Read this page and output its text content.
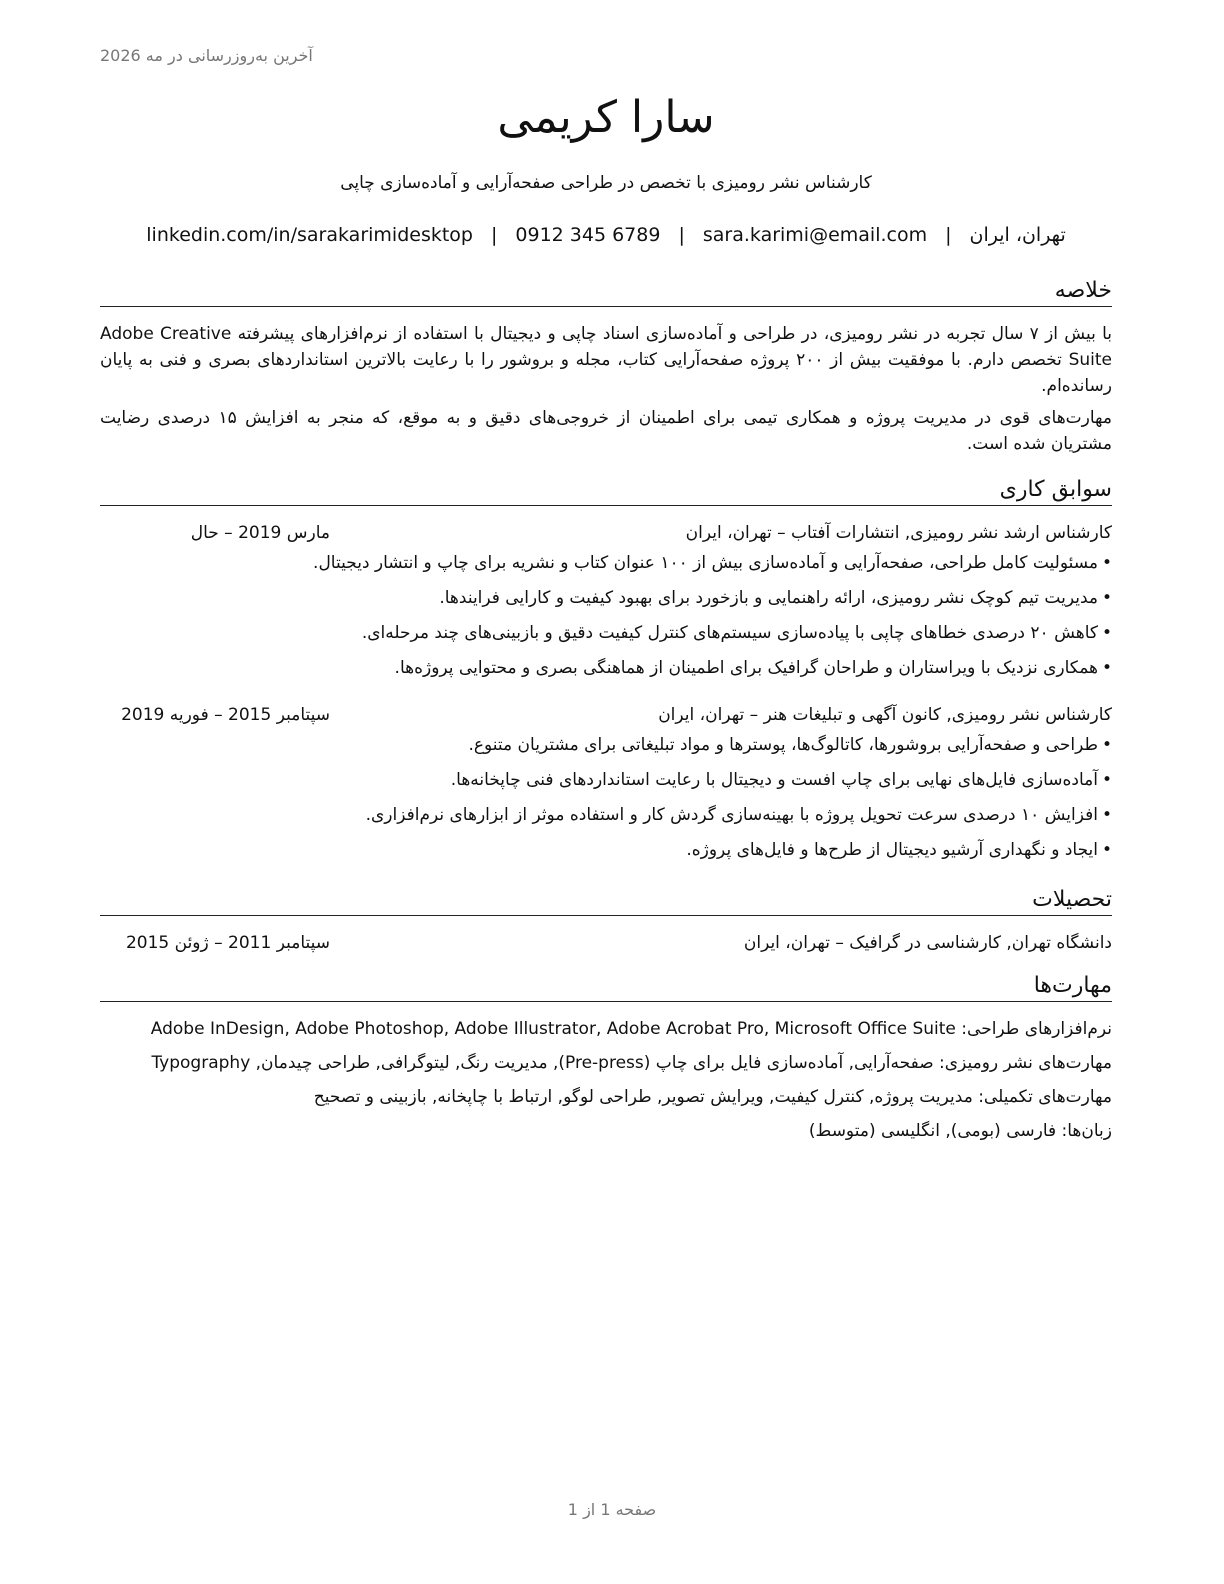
آخرین به‌روزرسانی در مه 2026
سارا کریمی
کارشناس نشر رومیزی با تخصص در طراحی صفحه‌آرایی و آماده‌سازی چاپی
تهران، ایران|sara.karimi@email.com|0912 345 6789|linkedin.com/in/sarakarimidesktop
خلاصه

با بیش از ۷ سال تجربه در نشر رومیزی، در طراحی و آماده‌سازی اسناد چاپی و دیجیتال با استفاده از نرم‌افزارهای پیشرفته Adobe Creative Suite تخصص دارم. با موفقیت بیش از ۲۰۰ پروژه صفحه‌آرایی کتاب، مجله و بروشور را با رعایت بالاترین استانداردهای بصری و فنی به پایان رسانده‌ام.

مهارت‌های قوی در مدیریت پروژه و همکاری تیمی برای اطمینان از خروجی‌های دقیق و به موقع، که منجر به افزایش ۱۵ درصدی رضایت مشتریان شده است.

سوابق کاری
کارشناس ارشد نشر رومیزی, انتشارات آفتاب – تهران، ایران
مارس 2019 – حال
• مسئولیت کامل طراحی، صفحه‌آرایی و آماده‌سازی بیش از ۱۰۰ عنوان کتاب و نشریه برای چاپ و انتشار دیجیتال.
• مدیریت تیم کوچک نشر رومیزی، ارائه راهنمایی و بازخورد برای بهبود کیفیت و کارایی فرایندها.
• کاهش ۲۰ درصدی خطاهای چاپی با پیاده‌سازی سیستم‌های کنترل کیفیت دقیق و بازبینی‌های چند مرحله‌ای.
• همکاری نزدیک با ویراستاران و طراحان گرافیک برای اطمینان از هماهنگی بصری و محتوایی پروژه‌ها.
کارشناس نشر رومیزی, کانون آگهی و تبلیغات هنر – تهران، ایران
سپتامبر 2015 – فوریه 2019
• طراحی و صفحه‌آرایی بروشورها، کاتالوگ‌ها، پوسترها و مواد تبلیغاتی برای مشتریان متنوع.
• آماده‌سازی فایل‌های نهایی برای چاپ افست و دیجیتال با رعایت استانداردهای فنی چاپخانه‌ها.
• افزایش ۱۰ درصدی سرعت تحویل پروژه با بهینه‌سازی گردش کار و استفاده موثر از ابزارهای نرم‌افزاری.
• ایجاد و نگهداری آرشیو دیجیتال از طرح‌ها و فایل‌های پروژه.
تحصیلات
دانشگاه تهران, کارشناسی در گرافیک – تهران، ایران
سپتامبر 2011 – ژوئن 2015
مهارت‌ها

نرم‌افزارهای طراحی: Adobe InDesign, Adobe Photoshop, Adobe Illustrator, Adobe Acrobat Pro, Microsoft Office Suite

مهارت‌های نشر رومیزی: صفحه‌آرایی, آماده‌سازی فایل برای چاپ (Pre-press), مدیریت رنگ, لیتوگرافی, طراحی چیدمان, Typography

مهارت‌های تکمیلی: مدیریت پروژه, کنترل کیفیت, ویرایش تصویر, طراحی لوگو, ارتباط با چاپخانه, بازبینی و تصحیح

زبان‌ها: فارسی (بومی), انگلیسی (متوسط)

صفحه 1 از 1
